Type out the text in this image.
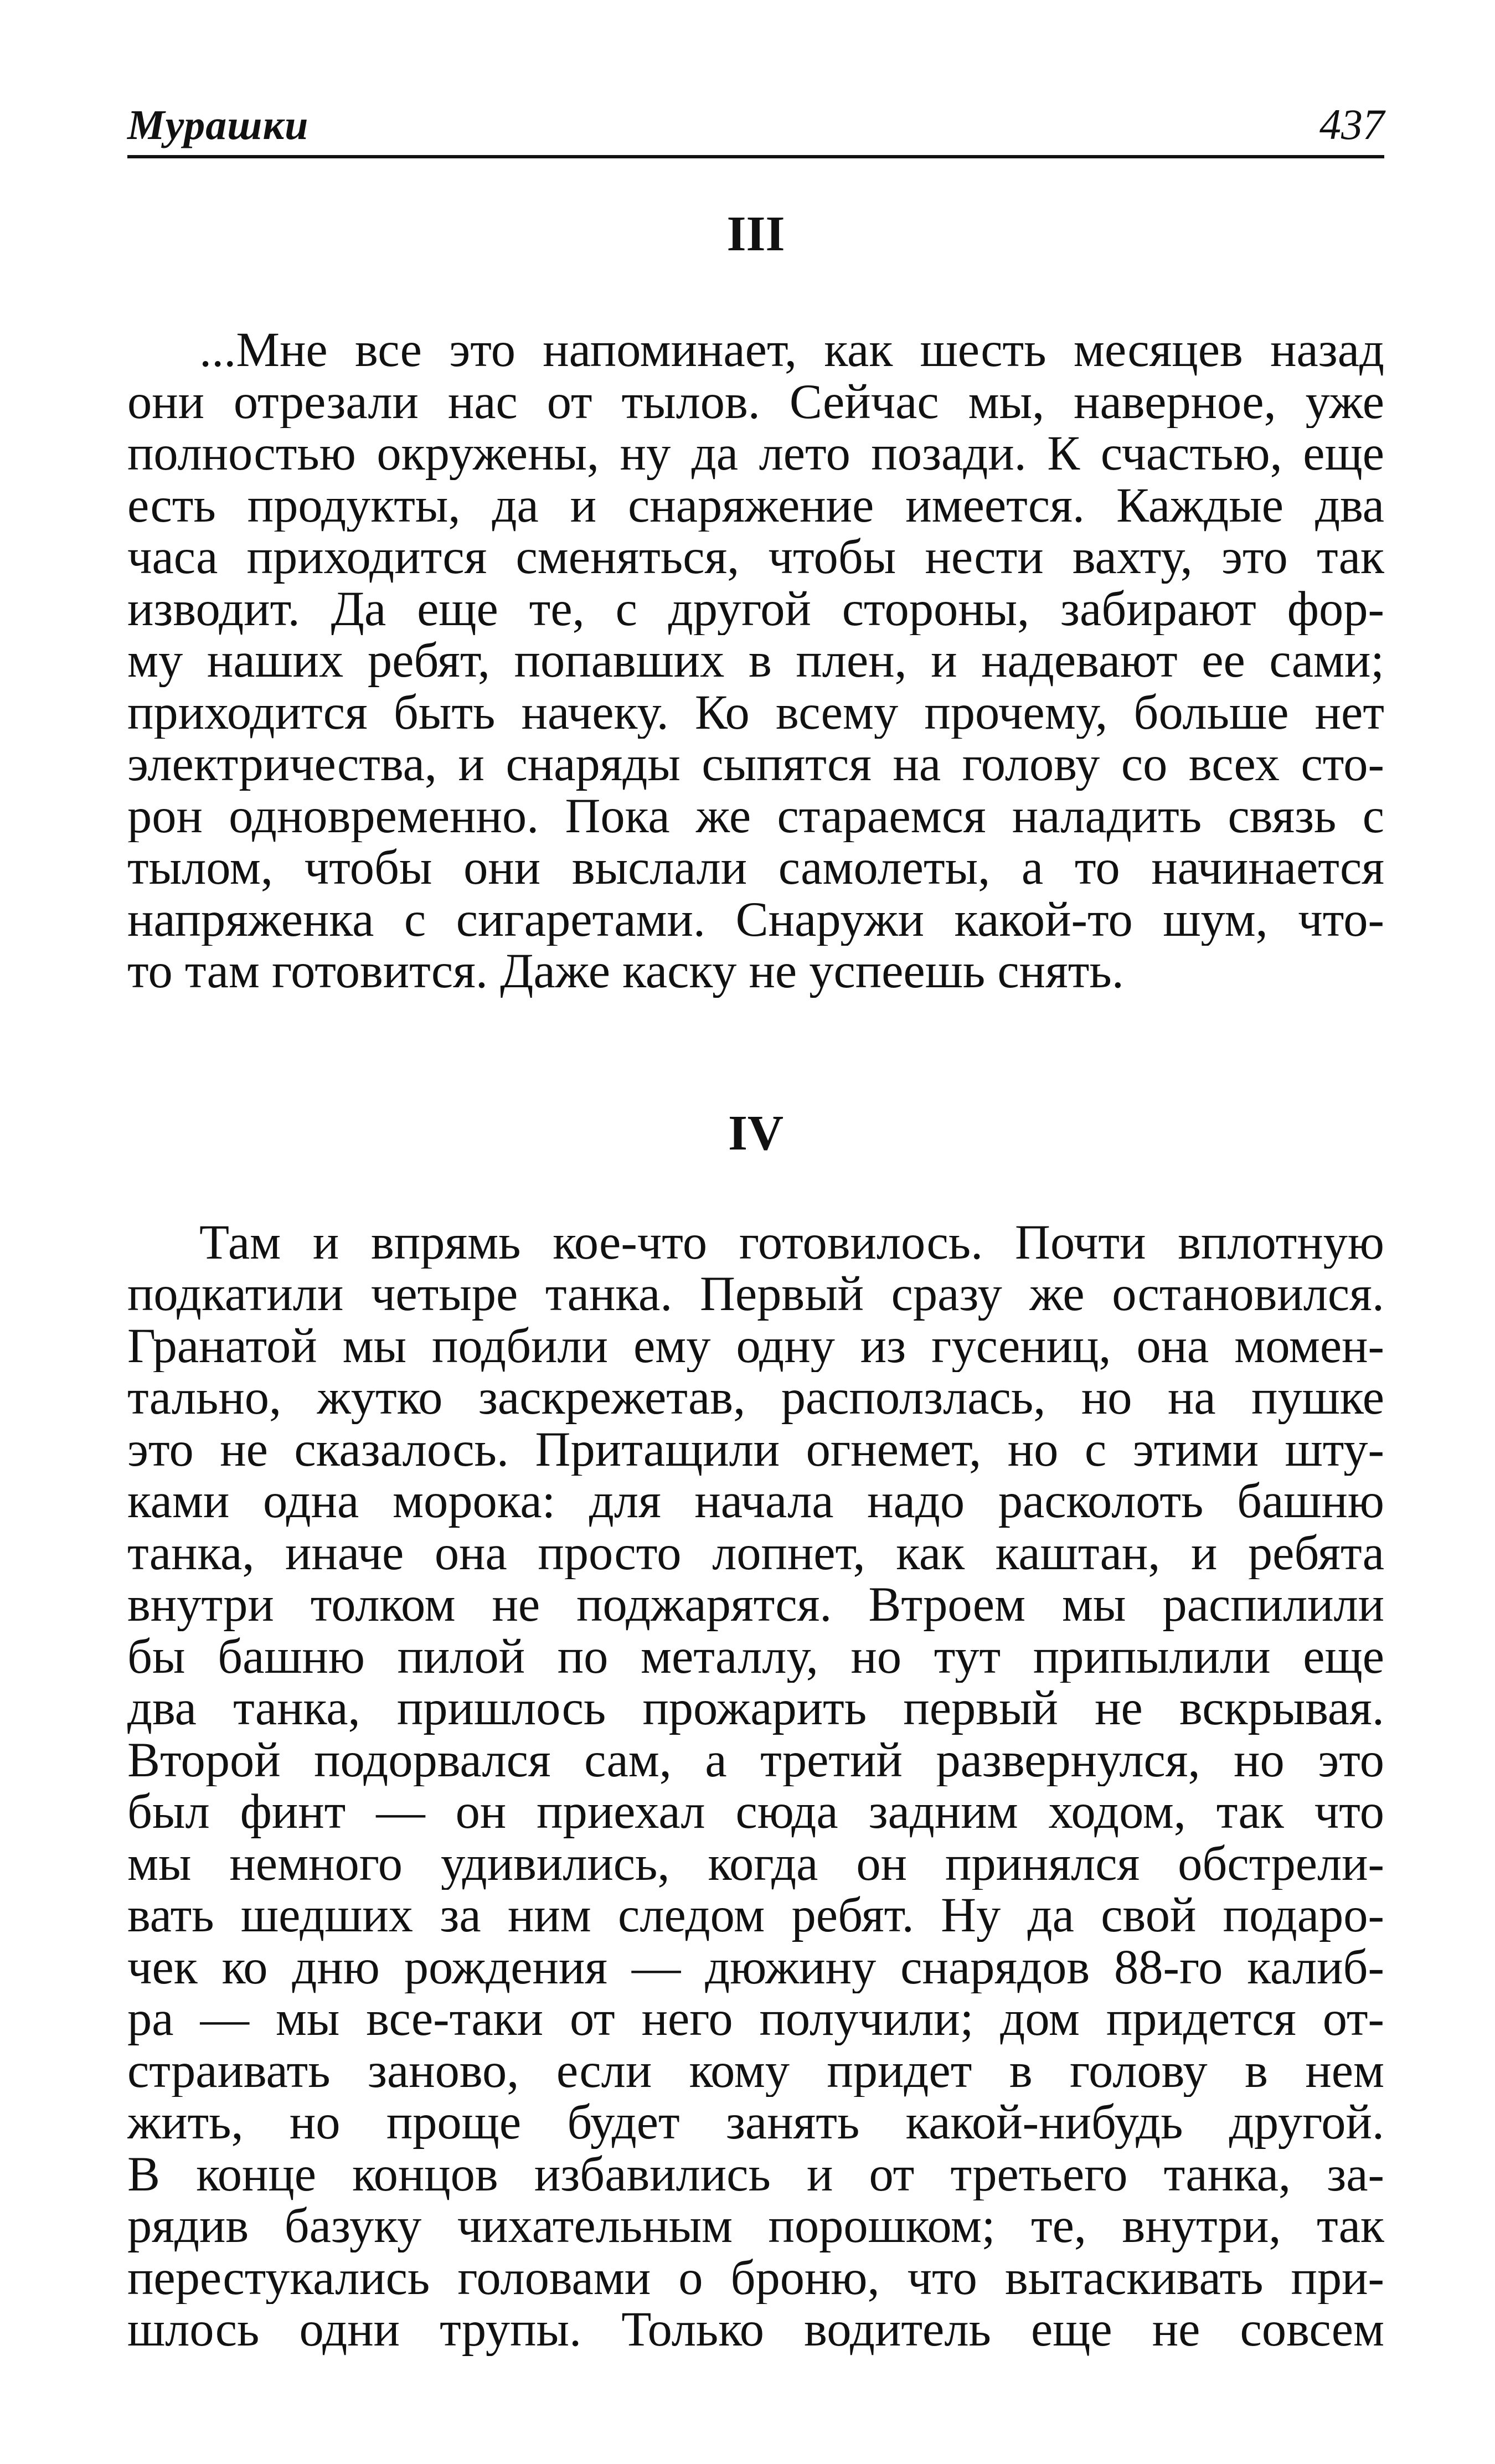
Мурашки	437
III
...Мне все это напоминает, как шесть месяцев назад
они отрезали нас от тылов. Сейчас мы, наверное, уже
полностью окружены, ну да лето позади. К счастью, еще
есть продукты, да и снаряжение имеется. Каждые два
часа приходится сменяться, чтобы нести вахту, это так
изводит. Да еще те, с другой стороны, забирают фор-
му наших ребят, попавших в плен, и надевают ее сами;
приходится быть начеку. Ко всему прочему, больше нет
электричества, и снаряды сыпятся на голову со всех сто-
рон одновременно. Пока же стараемся наладить связь с
тылом, чтобы они выслали самолеты, а то начинается
напряженка с сигаретами. Снаружи какой-то шум, что-
то там готовится. Даже каску не успеешь снять.
IV
Там и впрямь кое-что готовилось. Почти вплотную
подкатили четыре танка. Первый сразу же остановился.
Гранатой мы подбили ему одну из гусениц, она момен-
тально, жутко заскрежетав, расползлась, но на пушке
это не сказалось. Притащили огнемет, но с этими шту-
ками одна морока: для начала надо расколоть башню
танка, иначе она просто лопнет, как каштан, и ребята
внутри толком не поджарятся. Втроем мы распилили
бы башню пилой по металлу, но тут припылили еще
два танка, пришлось прожарить первый не вскрывая.
Второй подорвался сам, а третий развернулся, но это
был финт — он приехал сюда задним ходом, так что
мы немного удивились, когда он принялся обстрели-
вать шедших за ним следом ребят. Ну да свой подаро-
чек ко дню рождения — дюжину снарядов 88-го калиб-
ра — мы все-таки от него получили; дом придется от-
страивать заново, если кому придет в голову в нем
жить, но проще будет занять какой-нибудь другой.
В конце концов избавились и от третьего танка, за-
рядив базуку чихательным порошком; те, внутри, так
перестукались головами о броню, что вытаскивать при-
шлось одни трупы. Только водитель еще не совсем
